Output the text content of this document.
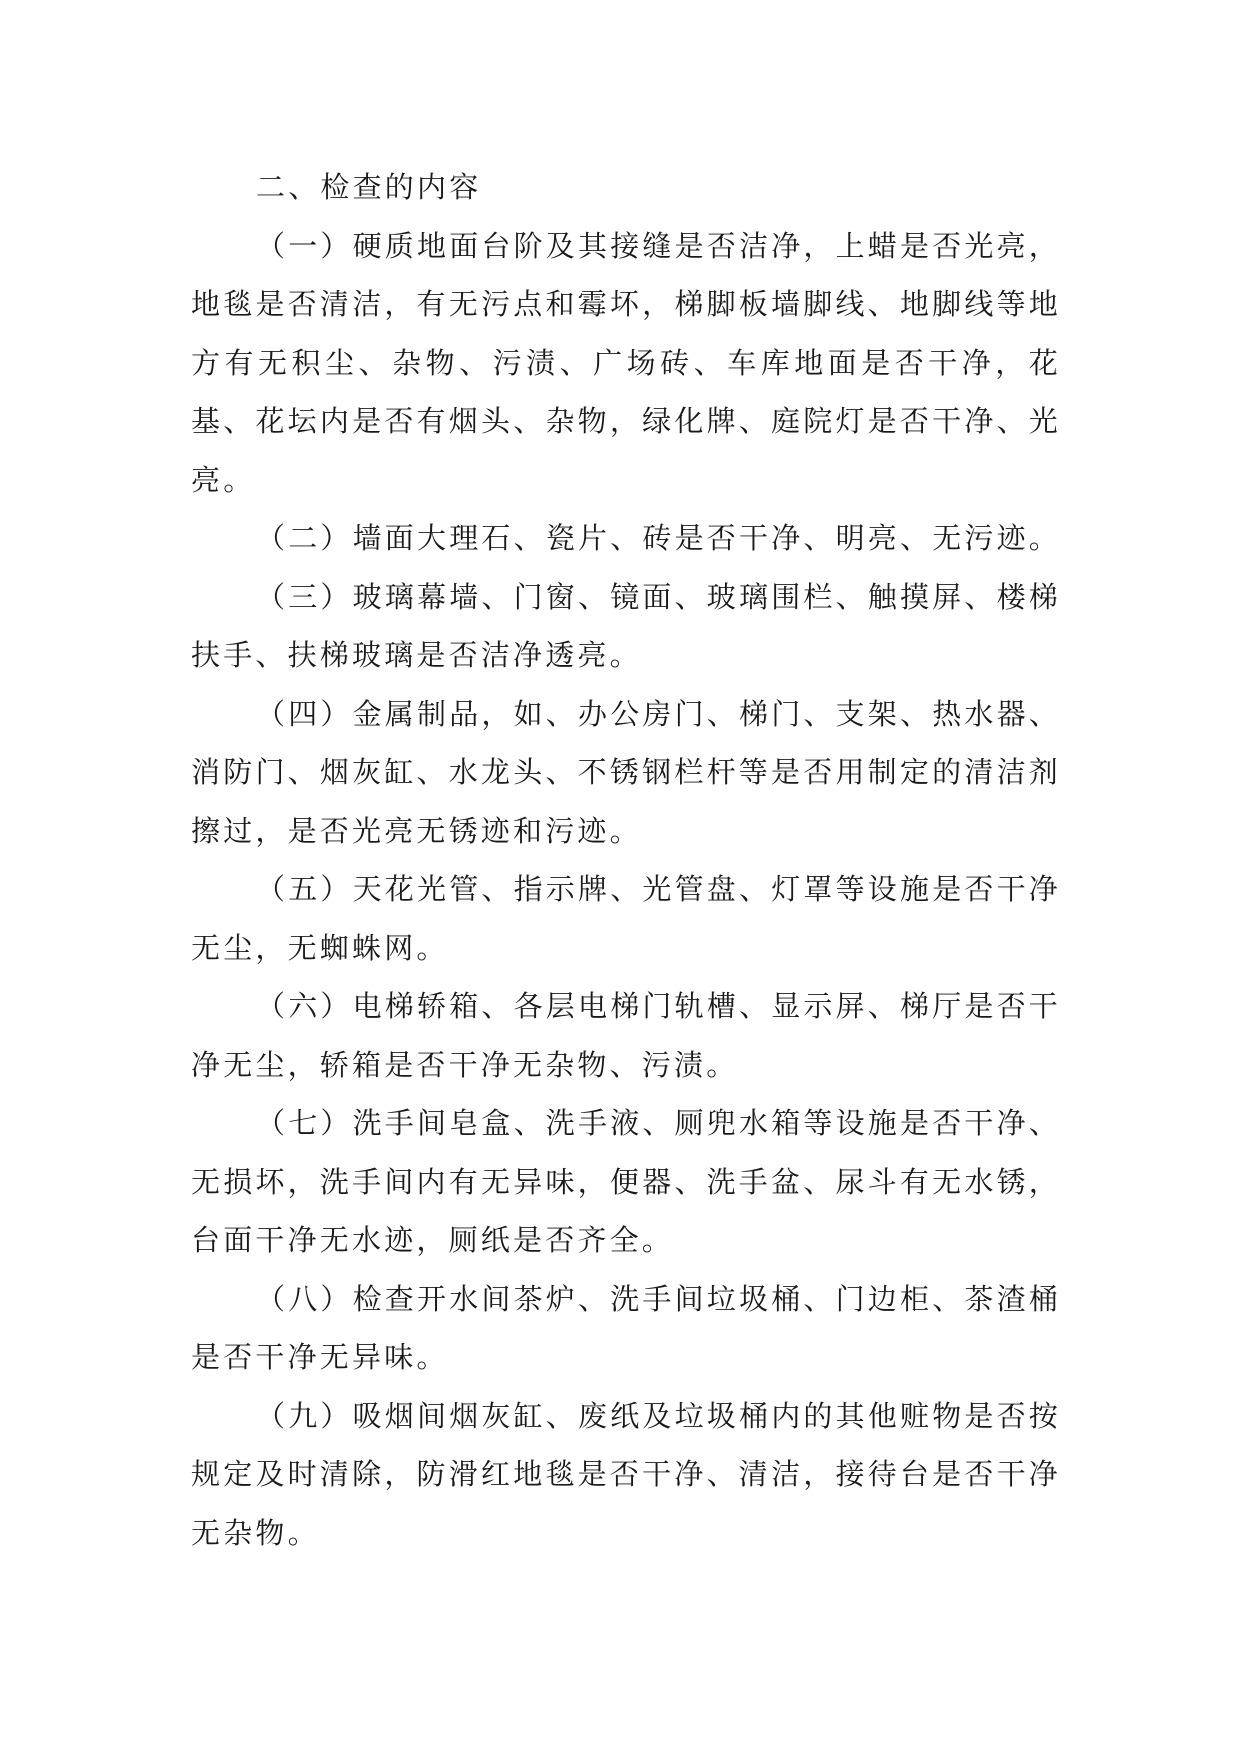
二、检查的内容

（一）硬质地面台阶及其接缝是否洁净，上蜡是否光亮，地毯是否清洁，有无污点和霉坏，梯脚板墙脚线、地脚线等地方有无积尘、杂物、污渍、广场砖、车库地面是否干净，花基、花坛内是否有烟头、杂物，绿化牌、庭院灯是否干净、光亮。

（二）墙面大理石、瓷片、砖是否干净、明亮、无污迹。

（三）玻璃幕墙、门窗、镜面、玻璃围栏、触摸屏、楼梯扶手、扶梯玻璃是否洁净透亮。

（四）金属制品，如、办公房门、梯门、支架、热水器、消防门、烟灰缸、水龙头、不锈钢栏杆等是否用制定的清洁剂擦过，是否光亮无锈迹和污迹。

（五）天花光管、指示牌、光管盘、灯罩等设施是否干净无尘，无蜘蛛网。

（六）电梯轿箱、各层电梯门轨槽、显示屏、梯厅是否干净无尘，轿箱是否干净无杂物、污渍。

（七）洗手间皂盒、洗手液、厕兜水箱等设施是否干净、无损坏，洗手间内有无异味，便器、洗手盆、尿斗有无水锈，台面干净无水迹，厕纸是否齐全。

（八）检查开水间茶炉、洗手间垃圾桶、门边柜、茶渣桶是否干净无异味。

（九）吸烟间烟灰缸、废纸及垃圾桶内的其他赃物是否按规定及时清除，防滑红地毯是否干净、清洁，接待台是否干净无杂物。
